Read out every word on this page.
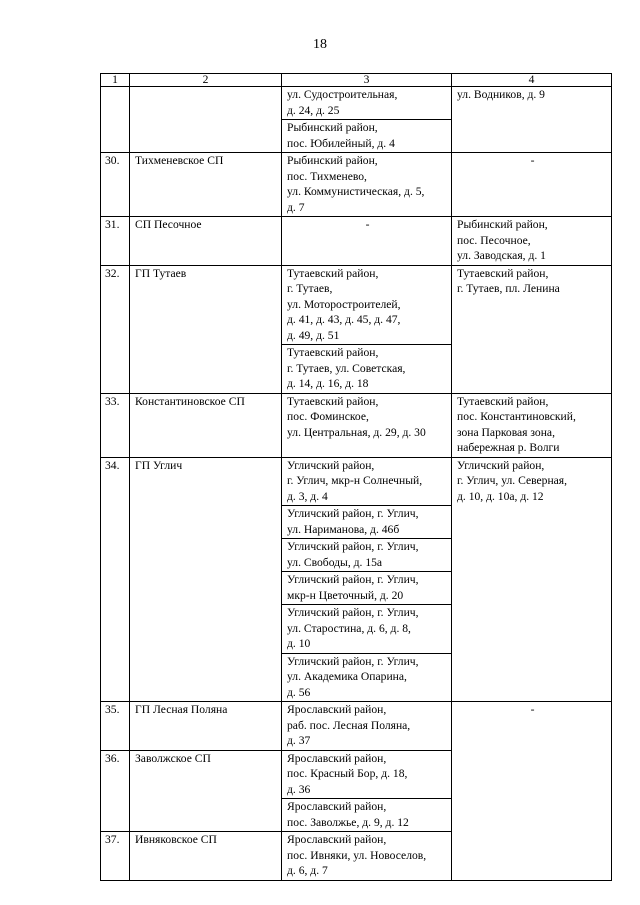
18
1	2	3	4

		ул. Судостроительная,
д. 24, д. 25	ул. Водников, д. 9

		Рыбинский район,
пос. Юбилейный, д. 4	

30.	Тихменевское СП	Рыбинский район,
пос. Тихменево,
ул. Коммунистическая, д. 5,
д. 7	-
31.	СП Песочное	-	Рыбинский район,
пос. Песочное,
ул. Заводская, д. 1

32.	ГП Тутаев	Тутаевский район,
г. Тутаев,
ул. Моторостроителей,
д. 41, д. 43, д. 45, д. 47,
д. 49, д. 51	Тутаевский район,
г. Тутаев, пл. Ленина

		Тутаевский район,
г. Тутаев, ул. Советская,
д. 14, д. 16, д. 18	

33.	Константиновское СП	Тутаевский район,
пос. Фоминское,
ул. Центральная, д. 29, д. 30	Тутаевский район,
пос. Константиновский,
зона Парковая зона,
набережная р. Волги

34.	ГП Углич	Угличский район,
г. Углич, мкр-н Солнечный,
д. 3, д. 4	Угличский район,
г. Углич, ул. Северная,
д. 10, д. 10а, д. 12

		Угличский район, г. Углич,
ул. Нариманова, д. 46б	

		Угличский район, г. Углич,
ул. Свободы, д. 15а	

		Угличский район, г. Углич,
мкр-н Цветочный, д. 20	

		Угличский район, г. Углич,
ул. Старостина, д. 6, д. 8,
д. 10	

		Угличский район, г. Углич,
ул. Академика Опарина,
д. 56	

35.	ГП Лесная Поляна	Ярославский район,
раб. пос. Лесная Поляна,
д. 37	-
36.	Заволжское СП	Ярославский район,
пос. Красный Бор, д. 18,
д. 36	

		Ярославский район,
пос. Заволжье, д. 9, д. 12	

37.	Ивняковское СП	Ярославский район,
пос. Ивняки, ул. Новоселов,
д. 6, д. 7	
